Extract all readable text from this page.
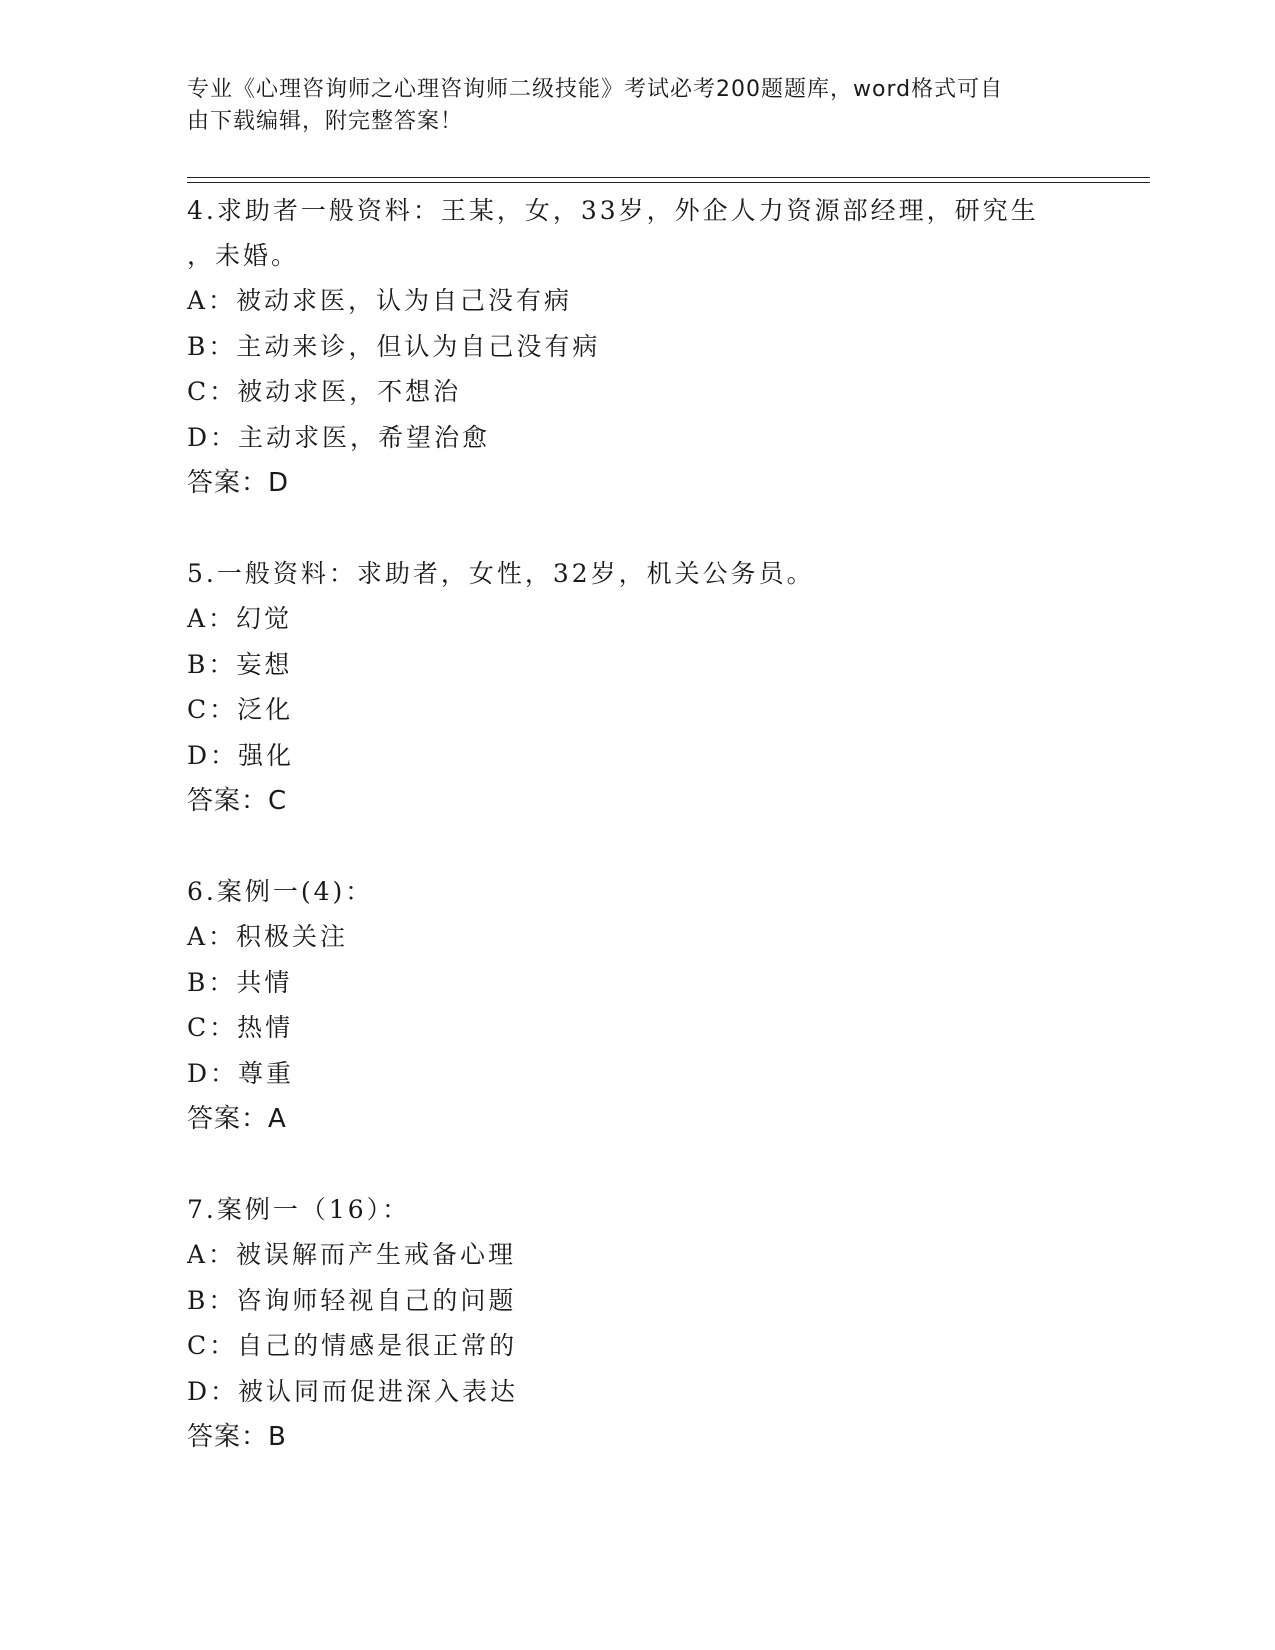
专业《心理咨询师之心理咨询师二级技能》考试必考200题题库，word格式可自
由下载编辑，附完整答案！
4.求助者一般资料：王某，女，33岁，外企人力资源部经理，研究生
，未婚。
A：被动求医，认为自己没有病
B：主动来诊，但认为自己没有病
C：被动求医，不想治
D：主动求医，希望治愈
答案：D
5.一般资料：求助者，女性，32岁，机关公务员。
A：幻觉
B：妄想
C：泛化
D：强化
答案：C
6.案例一(4)：
A：积极关注
B：共情
C：热情
D：尊重
答案：A
7.案例一（16）：
A：被误解而产生戒备心理
B：咨询师轻视自己的问题
C：自己的情感是很正常的
D：被认同而促进深入表达
答案：B
